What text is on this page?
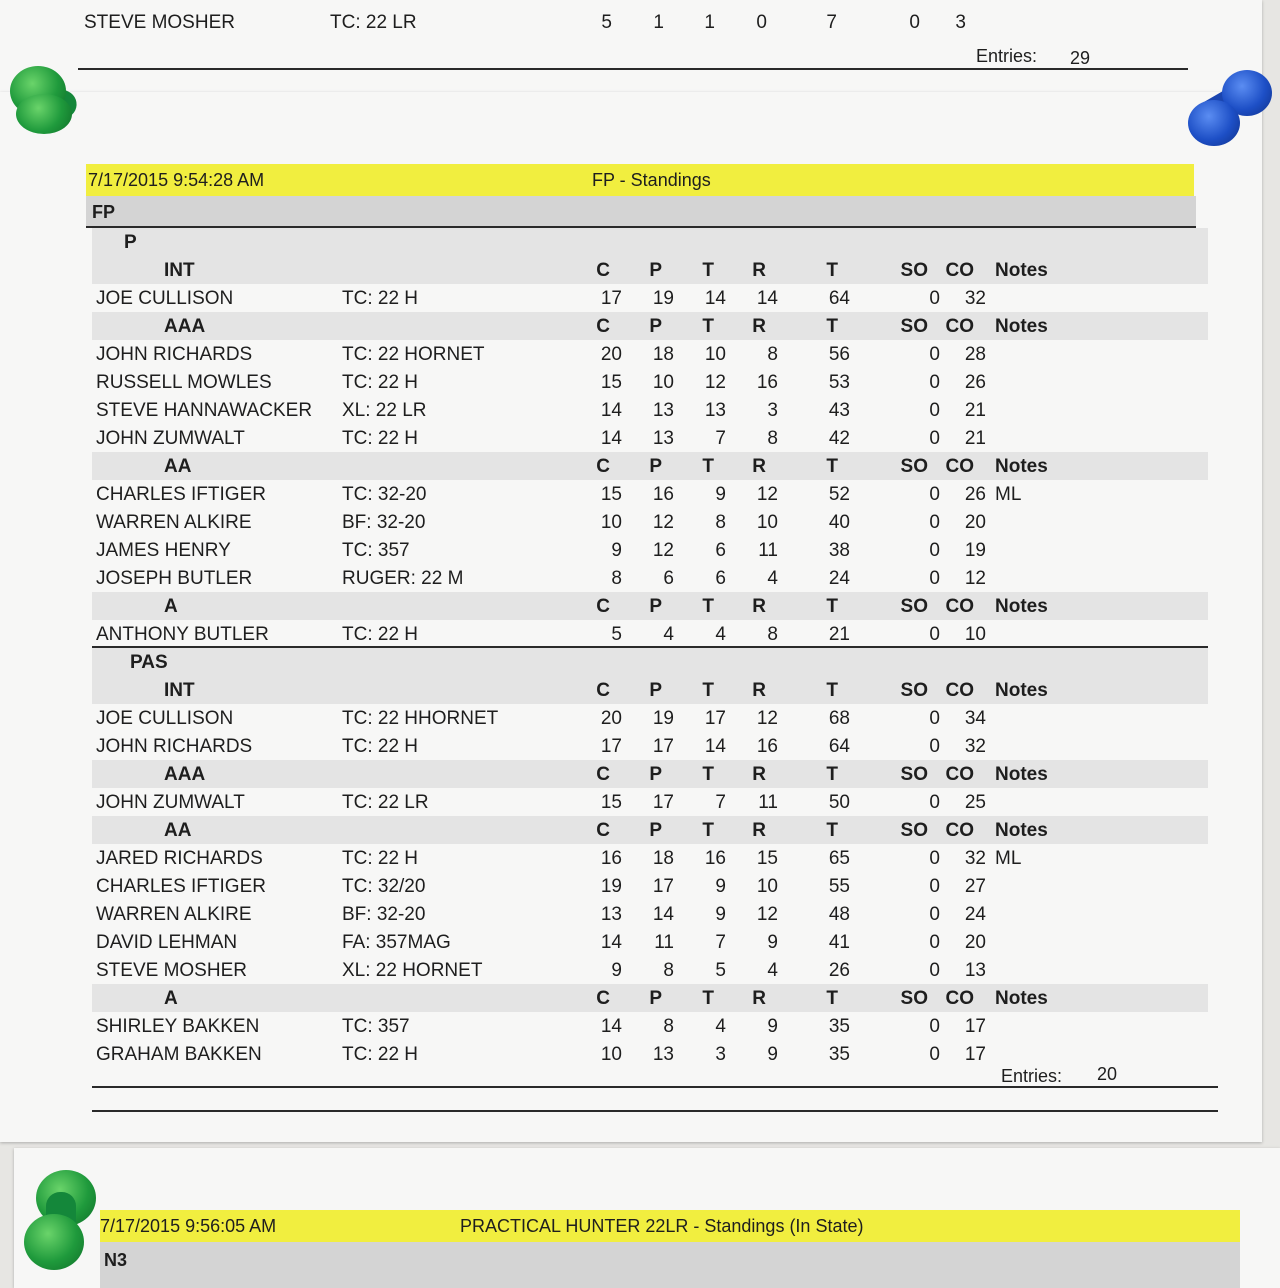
STEVE MOSHER	TC: 22 LR	5	1	1	0	7	0	3
Entries: 29
7/17/2015 9:54:28 AM	FP - Standings
FP
P
INT	C	P	T	R	T	SO CO Notes
JOE CULLISON	TC: 22 H	17	19	14	14	64	0	32
AAA	C	P	T	R	T	SO CO Notes
JOHN RICHARDS	TC: 22 HORNET	20	18	10	8	56	0	28
RUSSELL MOWLES	TC: 22 H	15	10	12	16	53	0	26
STEVE HANNAWACKER XL: 22 LR	14	13	13	3	43	0	21
JOHN ZUMWALT	TC: 22 H	14	13	7	8	42	0	21
AA	C	P	T	R	T	SO CO Notes
CHARLES IFTIGER	TC: 32-20	15	16	9	12	52	0	26 ML
WARREN ALKIRE	BF: 32-20	10	12	8	10	40	0	20
JAMES HENRY	TC: 357	9	12	6	11	38	0	19
JOSEPH BUTLER	RUGER: 22 M	8	6	6	4	24	0	12
A	C	P	T	R	T	SO CO Notes
ANTHONY BUTLER	TC: 22 H	5	4	4	8	21	0	10
PAS
INT	C	P	T	R	T	SO CO Notes
JOE CULLISON	TC: 22 HHORNET	20	19	17	12	68	0	34
JOHN RICHARDS	TC: 22 H	17	17	14	16	64	0	32
AAA	C	P	T	R	T	SO CO Notes
JOHN ZUMWALT	TC: 22 LR	15	17	7	11	50	0	25
AA	C	P	T	R	T	SO CO Notes
JARED RICHARDS	TC: 22 H	16	18	16	15	65	0	32 ML
CHARLES IFTIGER	TC: 32/20	19	17	9	10	55	0	27
WARREN ALKIRE	BF: 32-20	13	14	9	12	48	0	24
DAVID LEHMAN	FA: 357MAG	14	11	7	9	41	0	20
STEVE MOSHER	XL: 22 HORNET	9	8	5	4	26	0	13
A	C	P	T	R	T	SO CO Notes
SHIRLEY BAKKEN	TC: 357	14	8	4	9	35	0	17
GRAHAM BAKKEN	TC: 22 H	10	13	3	9	35	0	17
Entries: 20
7/17/2015 9:56:05 AM	PRACTICAL HUNTER 22LR - Standings (In State)
N3
